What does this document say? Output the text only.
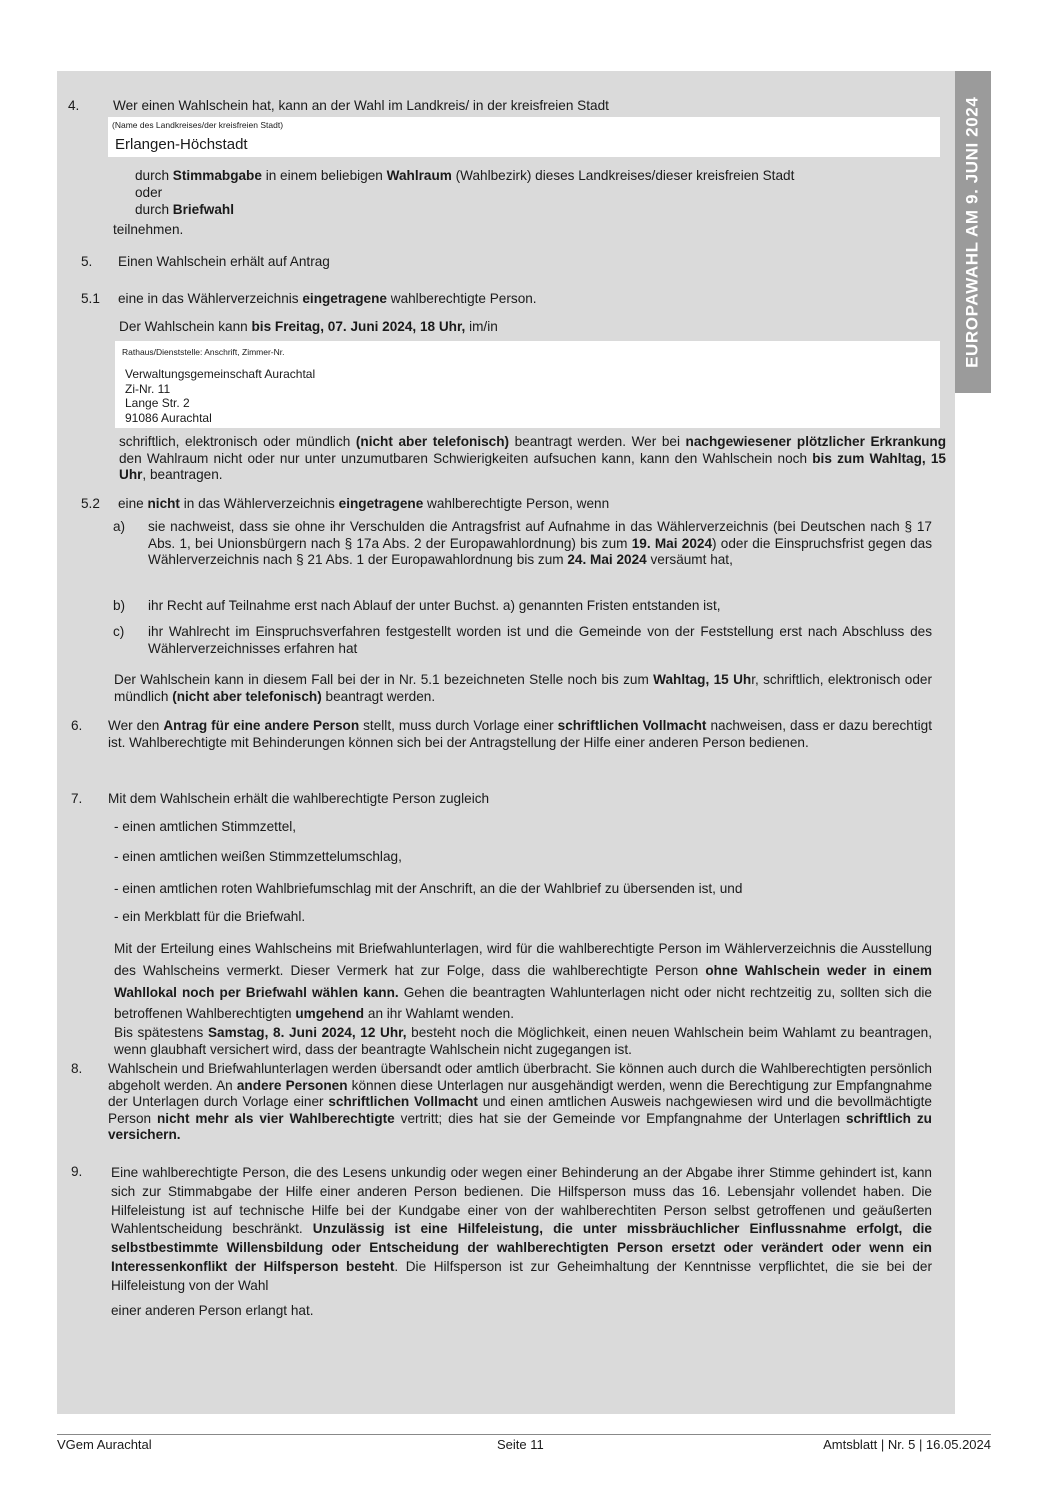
EUROPAWAHL AM 9. JUNI 2024
4. Wer einen Wahlschein hat, kann an der Wahl im Landkreis/ in der kreisfreien Stadt
(Name des Landkreises/der kreisfreien Stadt)
Erlangen-Höchstadt
durch Stimmabgabe in einem beliebigen Wahlraum (Wahlbezirk) dieses Landkreises/dieser kreisfreien Stadt
oder
durch Briefwahl
teilnehmen.
5. Einen Wahlschein erhält auf Antrag
5.1 eine in das Wählerverzeichnis eingetragene wahlberechtigte Person.
Der Wahlschein kann bis Freitag, 07. Juni 2024, 18 Uhr, im/in
Rathaus/Dienststelle: Anschrift, Zimmer-Nr.
Verwaltungsgemeinschaft Aurachtal
Zi-Nr. 11
Lange Str. 2
91086 Aurachtal
schriftlich, elektronisch oder mündlich (nicht aber telefonisch) beantragt werden. Wer bei nachgewiesener plötzlicher Erkrankung den Wahlraum nicht oder nur unter unzumutbaren Schwierigkeiten aufsuchen kann, kann den Wahlschein noch bis zum Wahltag, 15 Uhr, beantragen.
5.2 eine nicht in das Wählerverzeichnis eingetragene wahlberechtigte Person, wenn
a) sie nachweist, dass sie ohne ihr Verschulden die Antragsfrist auf Aufnahme in das Wählerverzeichnis (bei Deutschen nach § 17 Abs. 1, bei Unionsbürgern nach § 17a Abs. 2 der Europawahlordnung) bis zum 19. Mai 2024) oder die Einspruchsfrist gegen das Wählerverzeichnis nach § 21 Abs. 1 der Europawahlordnung bis zum 24. Mai 2024 versäumt hat,
b) ihr Recht auf Teilnahme erst nach Ablauf der unter Buchst. a) genannten Fristen entstanden ist,
c) ihr Wahlrecht im Einspruchsverfahren festgestellt worden ist und die Gemeinde von der Feststellung erst nach Abschluss des Wählerverzeichnisses erfahren hat
Der Wahlschein kann in diesem Fall bei der in Nr. 5.1 bezeichneten Stelle noch bis zum Wahltag, 15 Uhr, schriftlich, elektronisch oder mündlich (nicht aber telefonisch) beantragt werden.
6. Wer den Antrag für eine andere Person stellt, muss durch Vorlage einer schriftlichen Vollmacht nachweisen, dass er dazu berechtigt ist. Wahlberechtigte mit Behinderungen können sich bei der Antragstellung der Hilfe einer anderen Person bedienen.
7. Mit dem Wahlschein erhält die wahlberechtigte Person zugleich
- einen amtlichen Stimmzettel,
- einen amtlichen weißen Stimmzettelumschlag,
- einen amtlichen roten Wahlbriefumschlag mit der Anschrift, an die der Wahlbrief zu übersenden ist, und
- ein Merkblatt für die Briefwahl.
Mit der Erteilung eines Wahlscheins mit Briefwahlunterlagen, wird für die wahlberechtigte Person im Wählerverzeichnis die Ausstellung des Wahlscheins vermerkt. Dieser Vermerk hat zur Folge, dass die wahlberechtigte Person ohne Wahlschein weder in einem Wahllokal noch per Briefwahl wählen kann. Gehen die beantragten Wahlunterlagen nicht oder nicht rechtzeitig zu, sollten sich die betroffenen Wahlberechtigten umgehend an ihr Wahlamt wenden.
Bis spätestens Samstag, 8. Juni 2024, 12 Uhr, besteht noch die Möglichkeit, einen neuen Wahlschein beim Wahlamt zu beantragen, wenn glaubhaft versichert wird, dass der beantragte Wahlschein nicht zugegangen ist.
8. Wahlschein und Briefwahlunterlagen werden übersandt oder amtlich überbracht. Sie können auch durch die Wahlberechtigten persönlich abgeholt werden. An andere Personen können diese Unterlagen nur ausgehändigt werden, wenn die Berechtigung zur Empfangnahme der Unterlagen durch Vorlage einer schriftlichen Vollmacht und einen amtlichen Ausweis nachgewiesen wird und die bevollmächtigte Person nicht mehr als vier Wahlberechtigte vertritt; dies hat sie der Gemeinde vor Empfangnahme der Unterlagen schriftlich zu versichern.
9. Eine wahlberechtigte Person, die des Lesens unkundig oder wegen einer Behinderung an der Abgabe ihrer Stimme gehindert ist, kann sich zur Stimmabgabe der Hilfe einer anderen Person bedienen. Die Hilfsperson muss das 16. Lebensjahr vollendet haben. Die Hilfeleistung ist auf technische Hilfe bei der Kundgabe einer von der wahlberechtiten Person selbst getroffenen und geäußerten Wahlentscheidung beschränkt. Unzulässig ist eine Hilfeleistung, die unter missbräuchlicher Einflussnahme erfolgt, die selbstbestimmte Willensbildung oder Entscheidung der wahlberechtigten Person ersetzt oder verändert oder wenn ein Interessenkonflikt der Hilfsperson besteht. Die Hilfsperson ist zur Geheimhaltung der Kenntnisse verpflichtet, die sie bei der Hilfeleistung von der Wahl
einer anderen Person erlangt hat.
VGem Aurachtal	Seite 11	Amtsblatt | Nr. 5 | 16.05.2024
